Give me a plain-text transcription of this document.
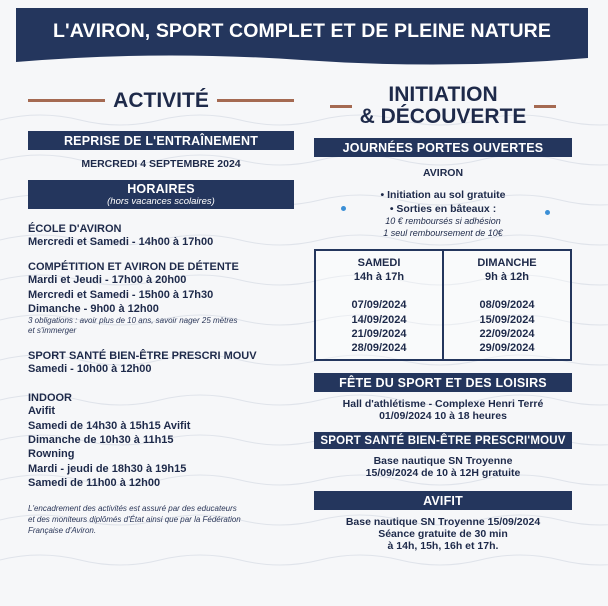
L'AVIRON, SPORT COMPLET ET DE PLEINE NATURE
ACTIVITÉ
REPRISE DE L'ENTRAÎNEMENT
MERCREDI 4 SEPTEMBRE 2024
HORAIRES
(hors vacances scolaires)
ÉCOLE D'AVIRON
Mercredi et Samedi - 14h00 à 17h00
COMPÉTITION ET AVIRON DE DÉTENTE
Mardi et Jeudi - 17h00 à 20h00
Mercredi et Samedi - 15h00 à 17h30
Dimanche - 9h00 à 12h00
3 obligations : avoir plus de 10 ans, savoir nager 25 mètres
et s'immerger
SPORT SANTÉ BIEN-ÊTRE PRESCRI MOUV
Samedi - 10h00 à 12h00
INDOOR
Avifit
Samedi de 14h30 à 15h15 Avifit
Dimanche de 10h30 à 11h15
Rowning
Mardi - jeudi de 18h30 à 19h15
Samedi de 11h00 à 12h00
L'encadrement des activités est assuré par des educateurs
et des moniteurs diplômés d'État ainsi que par la Fédération
Française d'Aviron.
INITIATION
& DÉCOUVERTE
JOURNÉES PORTES OUVERTES
AVIRON
• Initiation au sol gratuite
• Sorties en bâteaux :
10 € remboursés si adhésion
1 seul remboursement de 10€
SAMEDI
14h à 17h
07/09/2024
14/09/2024
21/09/2024
28/09/2024
DIMANCHE
9h à 12h
08/09/2024
15/09/2024
22/09/2024
29/09/2024
FÊTE DU SPORT ET DES LOISIRS
Hall d'athlétisme - Complexe Henri Terré
01/09/2024 10 à 18 heures
SPORT SANTÉ BIEN-ÊTRE PRESCRI'MOUV
Base nautique SN Troyenne
15/09/2024 de 10 à 12H gratuite
AVIFIT
Base nautique SN Troyenne 15/09/2024
Séance gratuite de 30 min
à 14h, 15h, 16h et 17h.
